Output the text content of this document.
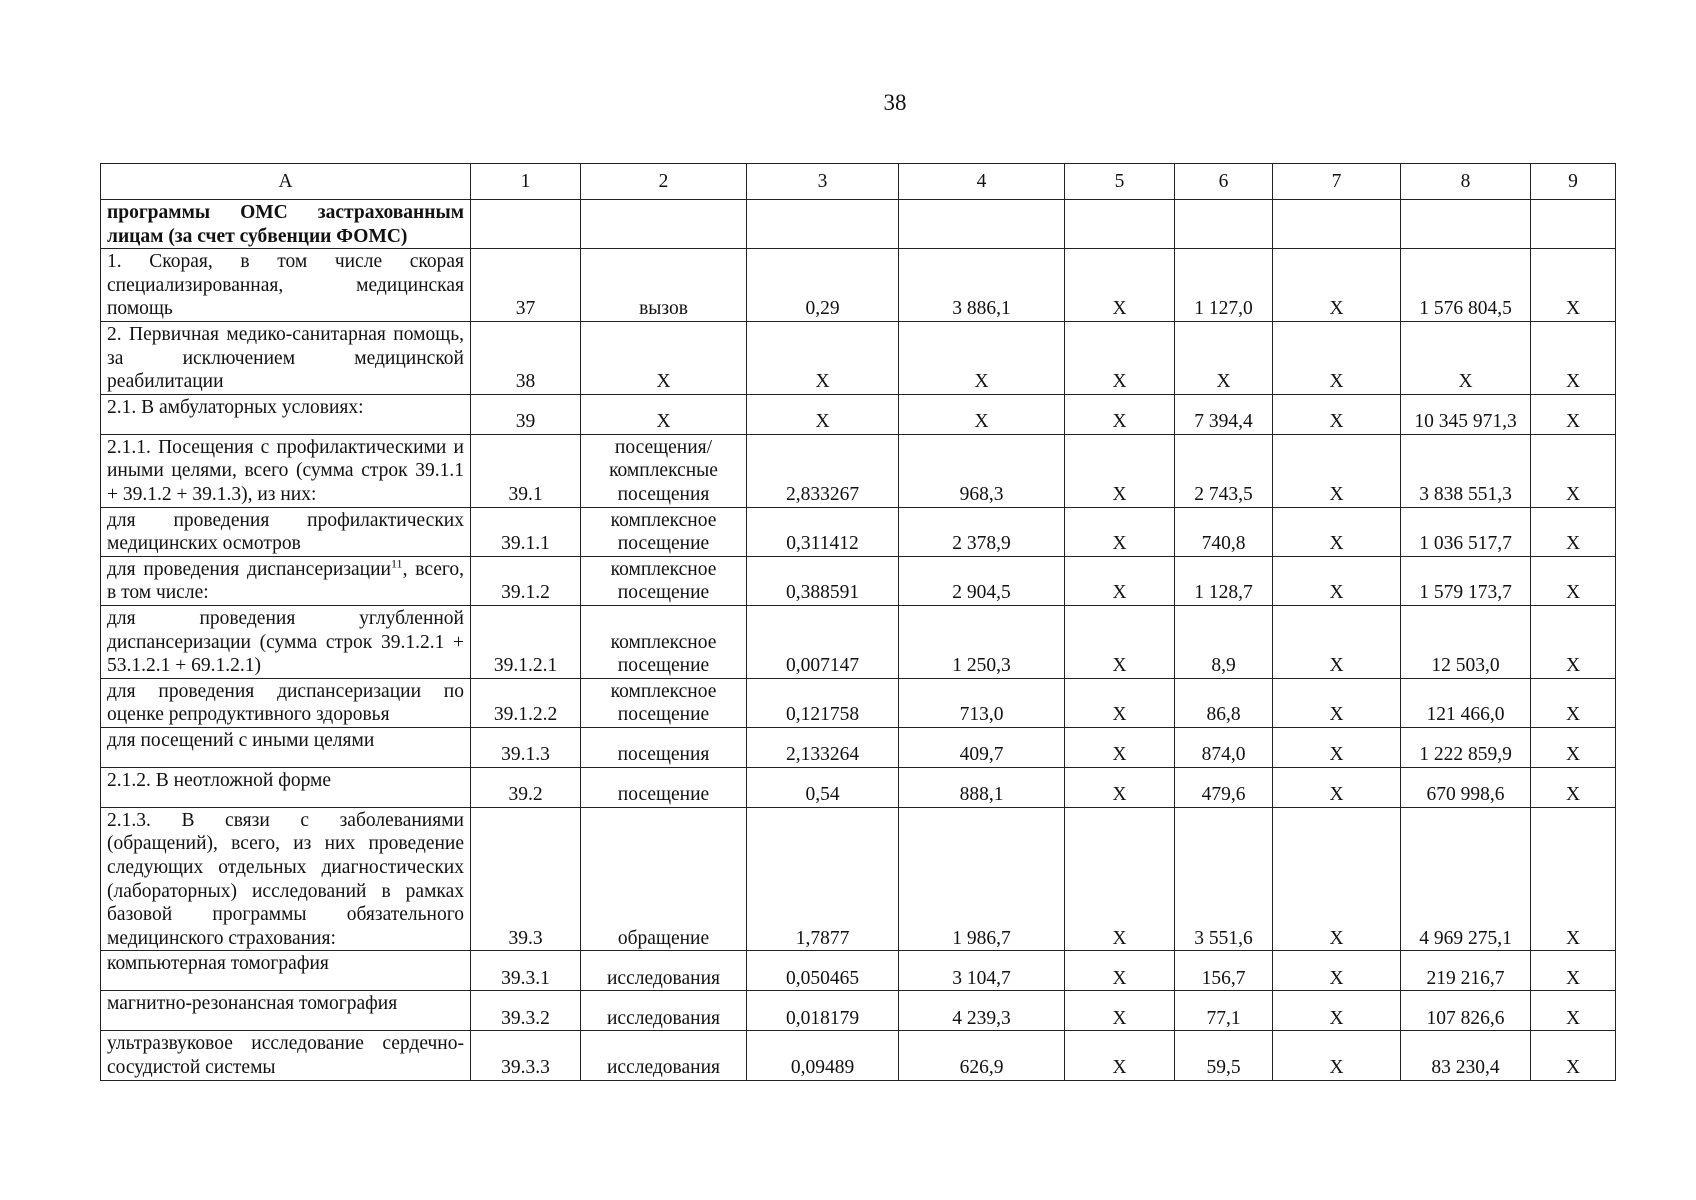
38
A	1	2	3	4	5	6	7	8	9
программы ОМС застрахованным лицам (за счет субвенции ФОМС)									
1. Скорая, в том числе скорая специализированная, медицинская помощь	37	вызов	0,29	3 886,1	X	1 127,0	X	1 576 804,5	X
2. Первичная медико-санитарная помощь, за исключением медицинской реабилитации	38	X	X	X	X	X	X	X	X
2.1. В амбулаторных условиях:	39	X	X	X	X	7 394,4	X	10 345 971,3	X
2.1.1. Посещения с профилактическими и иными целями, всего (сумма строк 39.1.1 + 39.1.2 + 39.1.3), из них:	39.1	посещения/ комплексные посещения	2,833267	968,3	X	2 743,5	X	3 838 551,3	X
для проведения профилактических медицинских осмотров	39.1.1	комплексное посещение	0,311412	2 378,9	X	740,8	X	1 036 517,7	X
для проведения диспансеризации$^{11}$, всего, в том числе:	39.1.2	комплексное посещение	0,388591	2 904,5	X	1 128,7	X	1 579 173,7	X
для проведения углубленной диспансеризации (сумма строк 39.1.2.1 + 53.1.2.1 + 69.1.2.1)	39.1.2.1	комплексное посещение	0,007147	1 250,3	X	8,9	X	12 503,0	X
для проведения диспансеризации по оценке репродуктивного здоровья	39.1.2.2	комплексное посещение	0,121758	713,0	X	86,8	X	121 466,0	X
для посещений с иными целями	39.1.3	посещения	2,133264	409,7	X	874,0	X	1 222 859,9	X
2.1.2. В неотложной форме	39.2	посещение	0,54	888,1	X	479,6	X	670 998,6	X
2.1.3. В связи с заболеваниями (обращений), всего, из них проведение следующих отдельных диагностических (лабораторных) исследований в рамках базовой программы обязательного медицинского страхования:	39.3	обращение	1,7877	1 986,7	X	3 551,6	X	4 969 275,1	X
компьютерная томография	39.3.1	исследования	0,050465	3 104,7	X	156,7	X	219 216,7	X
магнитно-резонансная томография	39.3.2	исследования	0,018179	4 239,3	X	77,1	X	107 826,6	X
ультразвуковое исследование сердечно-сосудистой системы	39.3.3	исследования	0,09489	626,9	X	59,5	X	83 230,4	X
